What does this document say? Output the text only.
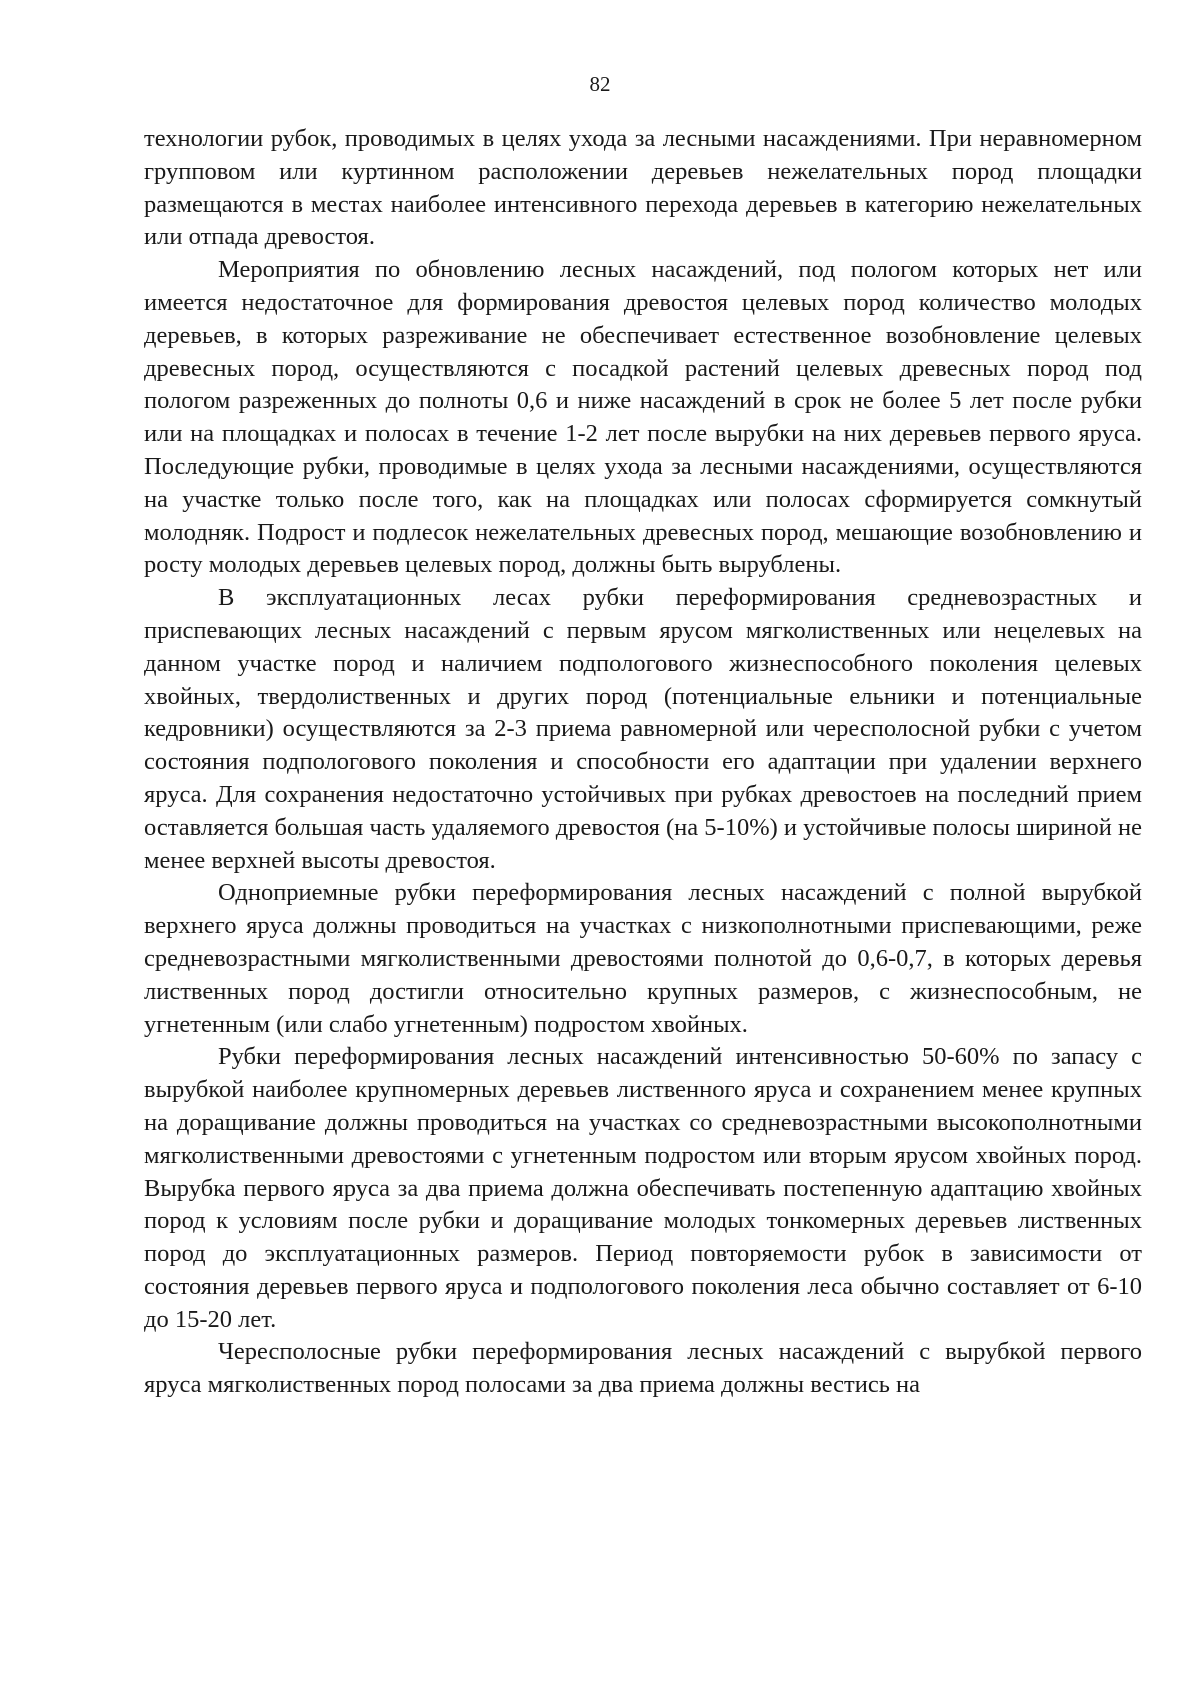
82

технологии рубок, проводимых в целях ухода за лесными насаждениями. При неравномерном групповом или куртинном расположении деревьев нежелательных пород площадки размещаются в местах наиболее интенсивного перехода деревьев в категорию нежелательных или отпада древостоя.

Мероприятия по обновлению лесных насаждений, под пологом которых нет или имеется недостаточное для формирования древостоя целевых пород количество молодых деревьев, в которых разреживание не обеспечивает естественное возобновление целевых древесных пород, осуществляются с посадкой растений целевых древесных пород под пологом разреженных до полноты 0,6 и ниже насаждений в срок не более 5 лет после рубки или на площадках и полосах в течение 1-2 лет после вырубки на них деревьев первого яруса. Последующие рубки, проводимые в целях ухода за лесными насаждениями, осуществляются на участке только после того, как на площадках или полосах сформируется сомкнутый молодняк. Подрост и подлесок нежелательных древесных пород, мешающие возобновлению и росту молодых деревьев целевых пород, должны быть вырублены.

В эксплуатационных лесах рубки переформирования средневозрастных и приспевающих лесных насаждений с первым ярусом мягколиственных или нецелевых на данном участке пород и наличием подпологового жизнеспособного поколения целевых хвойных, твердолиственных и других пород (потенциальные ельники и потенциальные кедровники) осуществляются за 2-3 приема равномерной или чересполосной рубки с учетом состояния подпологового поколения и способности его адаптации при удалении верхнего яруса. Для сохранения недостаточно устойчивых при рубках древостоев на последний прием оставляется большая часть удаляемого древостоя (на 5-10%) и устойчивые полосы шириной не менее верхней высоты древостоя.

Одноприемные рубки переформирования лесных насаждений с полной вырубкой верхнего яруса должны проводиться на участках с низкополнотными приспевающими, реже средневозрастными мягколиственными древостоями полнотой до 0,6-0,7, в которых деревья лиственных пород достигли относительно крупных размеров, с жизнеспособным, не угнетенным (или слабо угнетенным) подростом хвойных.

Рубки переформирования лесных насаждений интенсивностью 50-60% по запасу с вырубкой наиболее крупномерных деревьев лиственного яруса и сохранением менее крупных на доращивание должны проводиться на участках со средневозрастными высокополнотными мягколиственными древостоями с угнетенным подростом или вторым ярусом хвойных пород. Вырубка первого яруса за два приема должна обеспечивать постепенную адаптацию хвойных пород к условиям после рубки и доращивание молодых тонкомерных деревьев лиственных пород до эксплуатационных размеров. Период повторяемости рубок в зависимости от состояния деревьев первого яруса и подпологового поколения леса обычно составляет от 6-10 до 15-20 лет.

Чересполосные рубки переформирования лесных насаждений с вырубкой первого яруса мягколиственных пород полосами за два приема должны вестись на
